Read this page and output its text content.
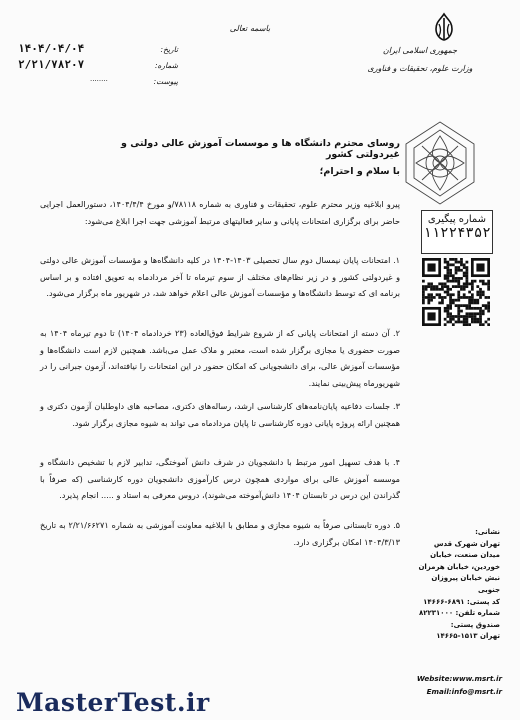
جمهوری اسلامی ایران
وزارت علوم، تحقیقات و فناوری
باسمه تعالی
تاریخ:
۱۴۰۴/۰۴/۰۴
شماره:
۲/۲۱/۷۸۲۰۷
پیوست:
........
روسای محترم دانشگاه ها و موسسات آموزش عالی دولتی و غیردولتی کشور
با سلام و احترام؛
پیرو ابلاغیه وزیر محترم علوم، تحقیقات و فناوری به شماره ۷۸۱۱۸/و مورخ ۱۴۰۴/۴/۴، دستورالعمل اجرایی حاضر برای برگزاری امتحانات پایانی و سایر فعالیتهای مرتبط آموزشی جهت اجرا ابلاغ می‌شود:
۱. امتحانات پایان نیمسال دوم سال تحصیلی ۱۴۰۳-۱۴۰۴ در کلیه دانشگاه‌ها و مؤسسات آموزش عالی دولتی و غیردولتی کشور و در زیر نظام‌های مختلف از سوم تیرماه تا آخر مردادماه به تعویق افتاده و بر اساس برنامه ای که توسط دانشگاه‌ها و مؤسسات آموزش عالی اعلام خواهد شد، در شهریور ماه برگزار می‌شود.
۲. آن دسته از امتحانات پایانی که از شروع شرایط فوق‌العاده (۲۳ خردادماه ۱۴۰۴) تا دوم تیرماه ۱۴۰۴ به صورت حضوری یا مجازی برگزار شده است، معتبر و ملاک عمل می‌باشد. همچنین لازم است دانشگاه‌ها و مؤسسات آموزش عالی، برای دانشجویانی که امکان حضور در این امتحانات را نیافته‌اند، آزمون جبرانی را در شهریورماه پیش‌بینی نمایند.
۳. جلسات دفاعیه پایان‌نامه‌های کارشناسی ارشد، رساله‌های دکتری، مصاحبه های داوطلبان آزمون دکتری و همچنین ارائه پروژه پایانی دوره کارشناسی تا پایان مردادماه می‌ تواند به شیوه مجازی برگزار شود.
۴. با هدف تسهیل امور مرتبط با دانشجویان در شرف دانش آموختگی، تدابیر لازم با تشخیص دانشگاه و موسسه آموزش عالی برای مواردی همچون درس کارآموزی دانشجویان دوره کارشناسی (که صرفاً با گذراندن این درس در تابستان ۱۴۰۴ دانش‌آموخته می‌شوند)، دروس معرفی به استاد و ..... انجام پذیرد.
۵. دوره تابستانی صرفاً به شیوه مجازی و مطابق با ابلاغیه معاونت آموزشی به شماره ۲/۲۱/۶۶۲۷۱ به تاریخ ۱۴۰۴/۳/۱۳ امکان برگزاری دارد.
شماره پیگیری
۱۱۲۲۴۳۵۲
نشانی:
تهران شهرک قدس
میدان صنعت، خیابان
خوردین، خیابان هرمزان
نبش خیابان پیروزان جنوبی
کد پستی: ۶۸۹۱-۱۴۶۶۶
شماره تلفن: ۸۲۲۳۱۰۰۰
صندوق پستی:
تهران ۱۵۱۳-۱۴۶۶۵
Website:www.msrt.ir
Email:info@msrt.ir
MasterTest.ir
